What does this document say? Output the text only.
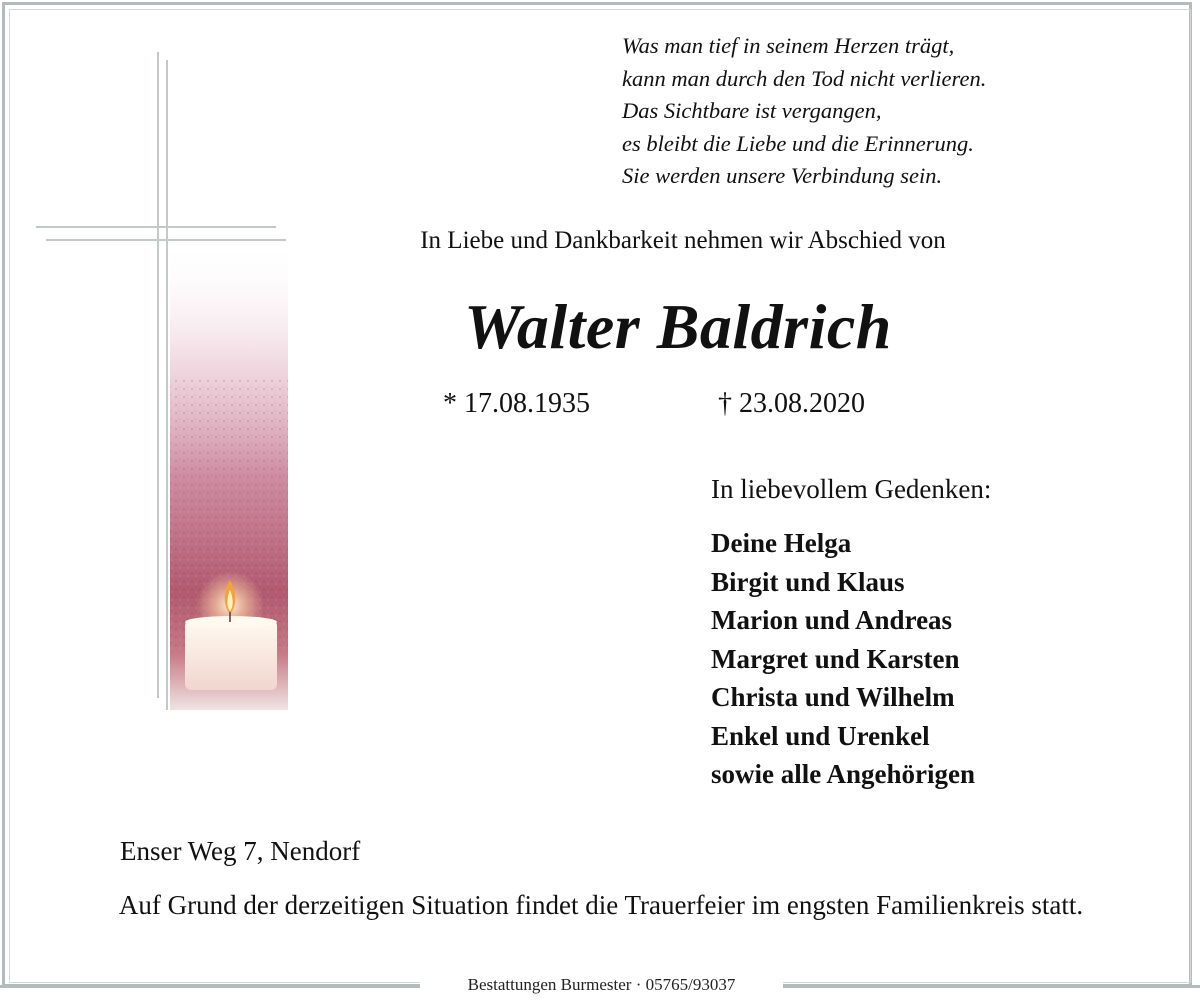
Was man tief in seinem Herzen trägt,
kann man durch den Tod nicht verlieren.
Das Sichtbare ist vergangen,
es bleibt die Liebe und die Erinnerung.
Sie werden unsere Verbindung sein.
In Liebe und Dankbarkeit nehmen wir Abschied von
Walter Baldrich
* 17.08.1935	† 23.08.2020
In liebevollem Gedenken:
Deine Helga
Birgit und Klaus
Marion und Andreas
Margret und Karsten
Christa und Wilhelm
Enkel und Urenkel
sowie alle Angehörigen
Enser Weg 7, Nendorf
Auf Grund der derzeitigen Situation findet die Trauerfeier im engsten Familienkreis statt.
Bestattungen Burmester · 05765/93037
